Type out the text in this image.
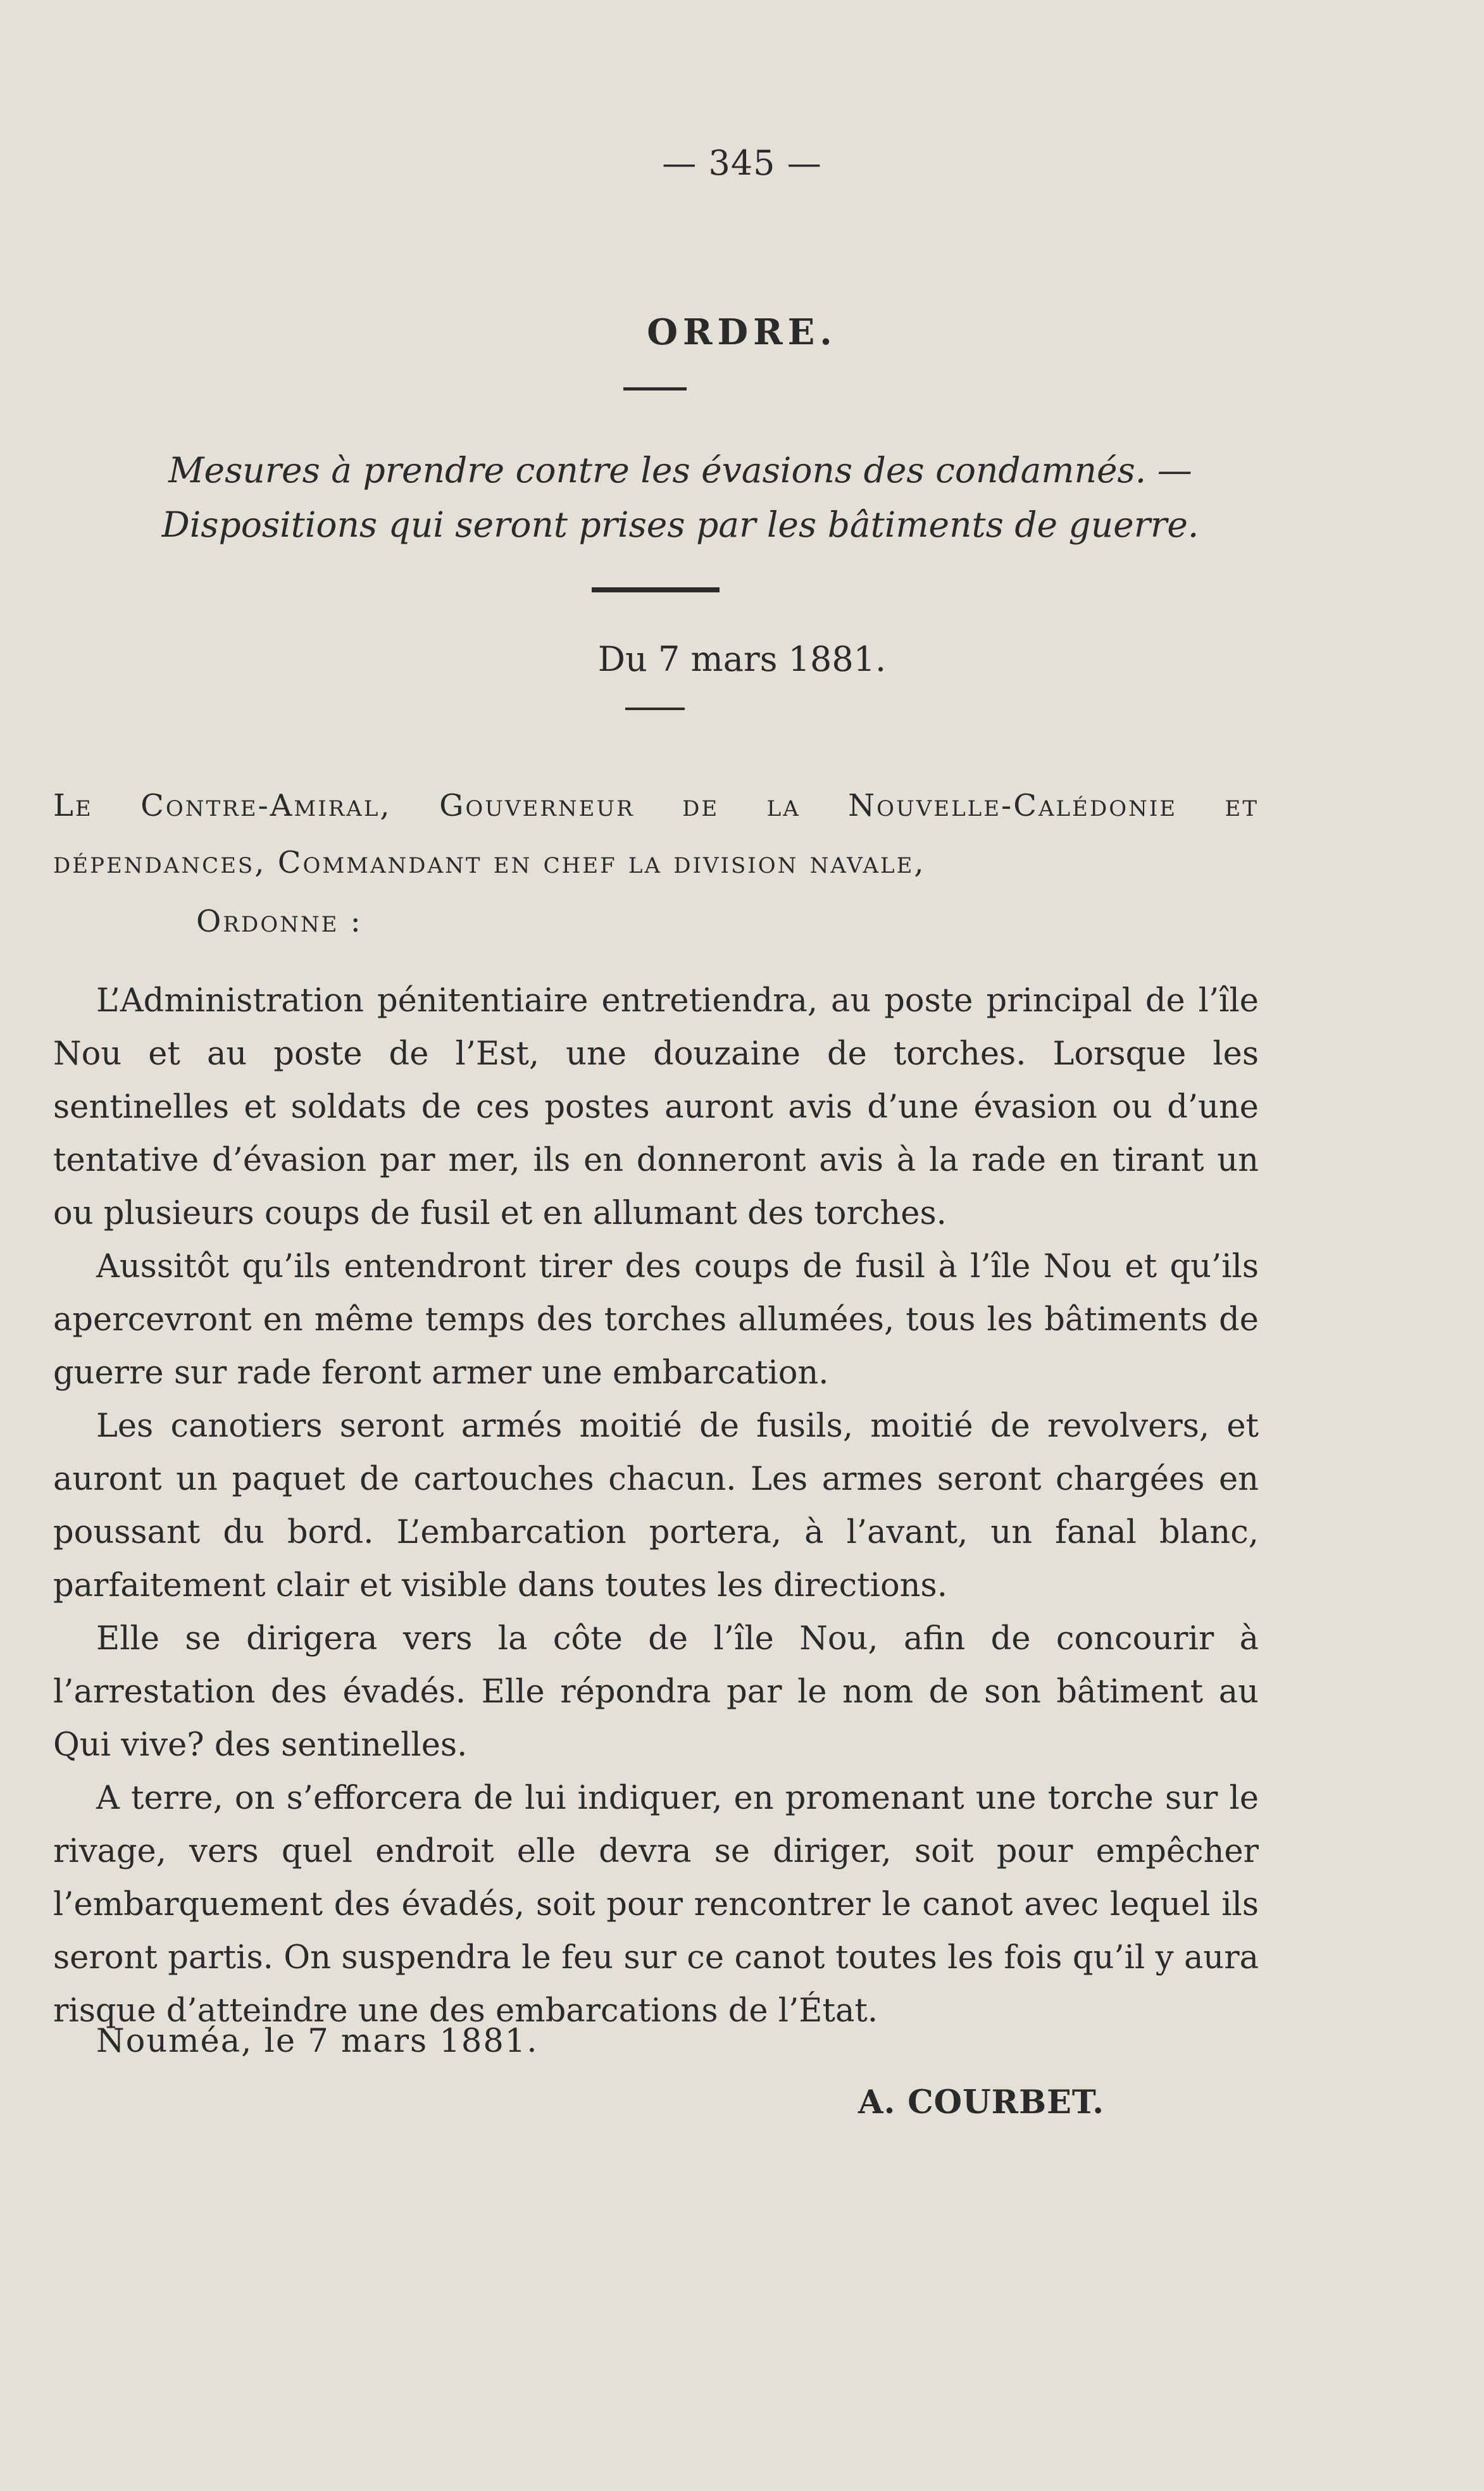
— 345 —
ORDRE.
Mesures à prendre contre les évasions des condamnés. — Dispositions qui seront prises par les bâtiments de guerre.
Du 7 mars 1881.
Le Contre-Amiral, Gouverneur de la Nouvelle-Calédonie et dépendances, Commandant en chef la division navale,
Ordonne :

L’Administration pénitentiaire entretiendra, au poste principal de l’île Nou et au poste de l’Est, une douzaine de torches. Lorsque les sentinelles et soldats de ces postes auront avis d’une évasion ou d’une tentative d’évasion par mer, ils en donneront avis à la rade en tirant un ou plusieurs coups de fusil et en allumant des torches.

Aussitôt qu’ils entendront tirer des coups de fusil à l’île Nou et qu’ils apercevront en même temps des torches allumées, tous les bâtiments de guerre sur rade feront armer une embarcation.

Les canotiers seront armés moitié de fusils, moitié de revolvers, et auront un paquet de cartouches chacun. Les armes seront chargées en poussant du bord. L’embarcation portera, à l’avant, un fanal blanc, parfaitement clair et visible dans toutes les directions.

Elle se dirigera vers la côte de l’île Nou, afin de concourir à l’arrestation des évadés. Elle répondra par le nom de son bâtiment au Qui vive? des sentinelles.

A terre, on s’efforcera de lui indiquer, en promenant une torche sur le rivage, vers quel endroit elle devra se diriger, soit pour empêcher l’embarquement des évadés, soit pour rencontrer le canot avec lequel ils seront partis. On suspendra le feu sur ce canot toutes les fois qu’il y aura risque d’atteindre une des embarcations de l’État.

Nouméa, le 7 mars 1881.
A. COURBET.
